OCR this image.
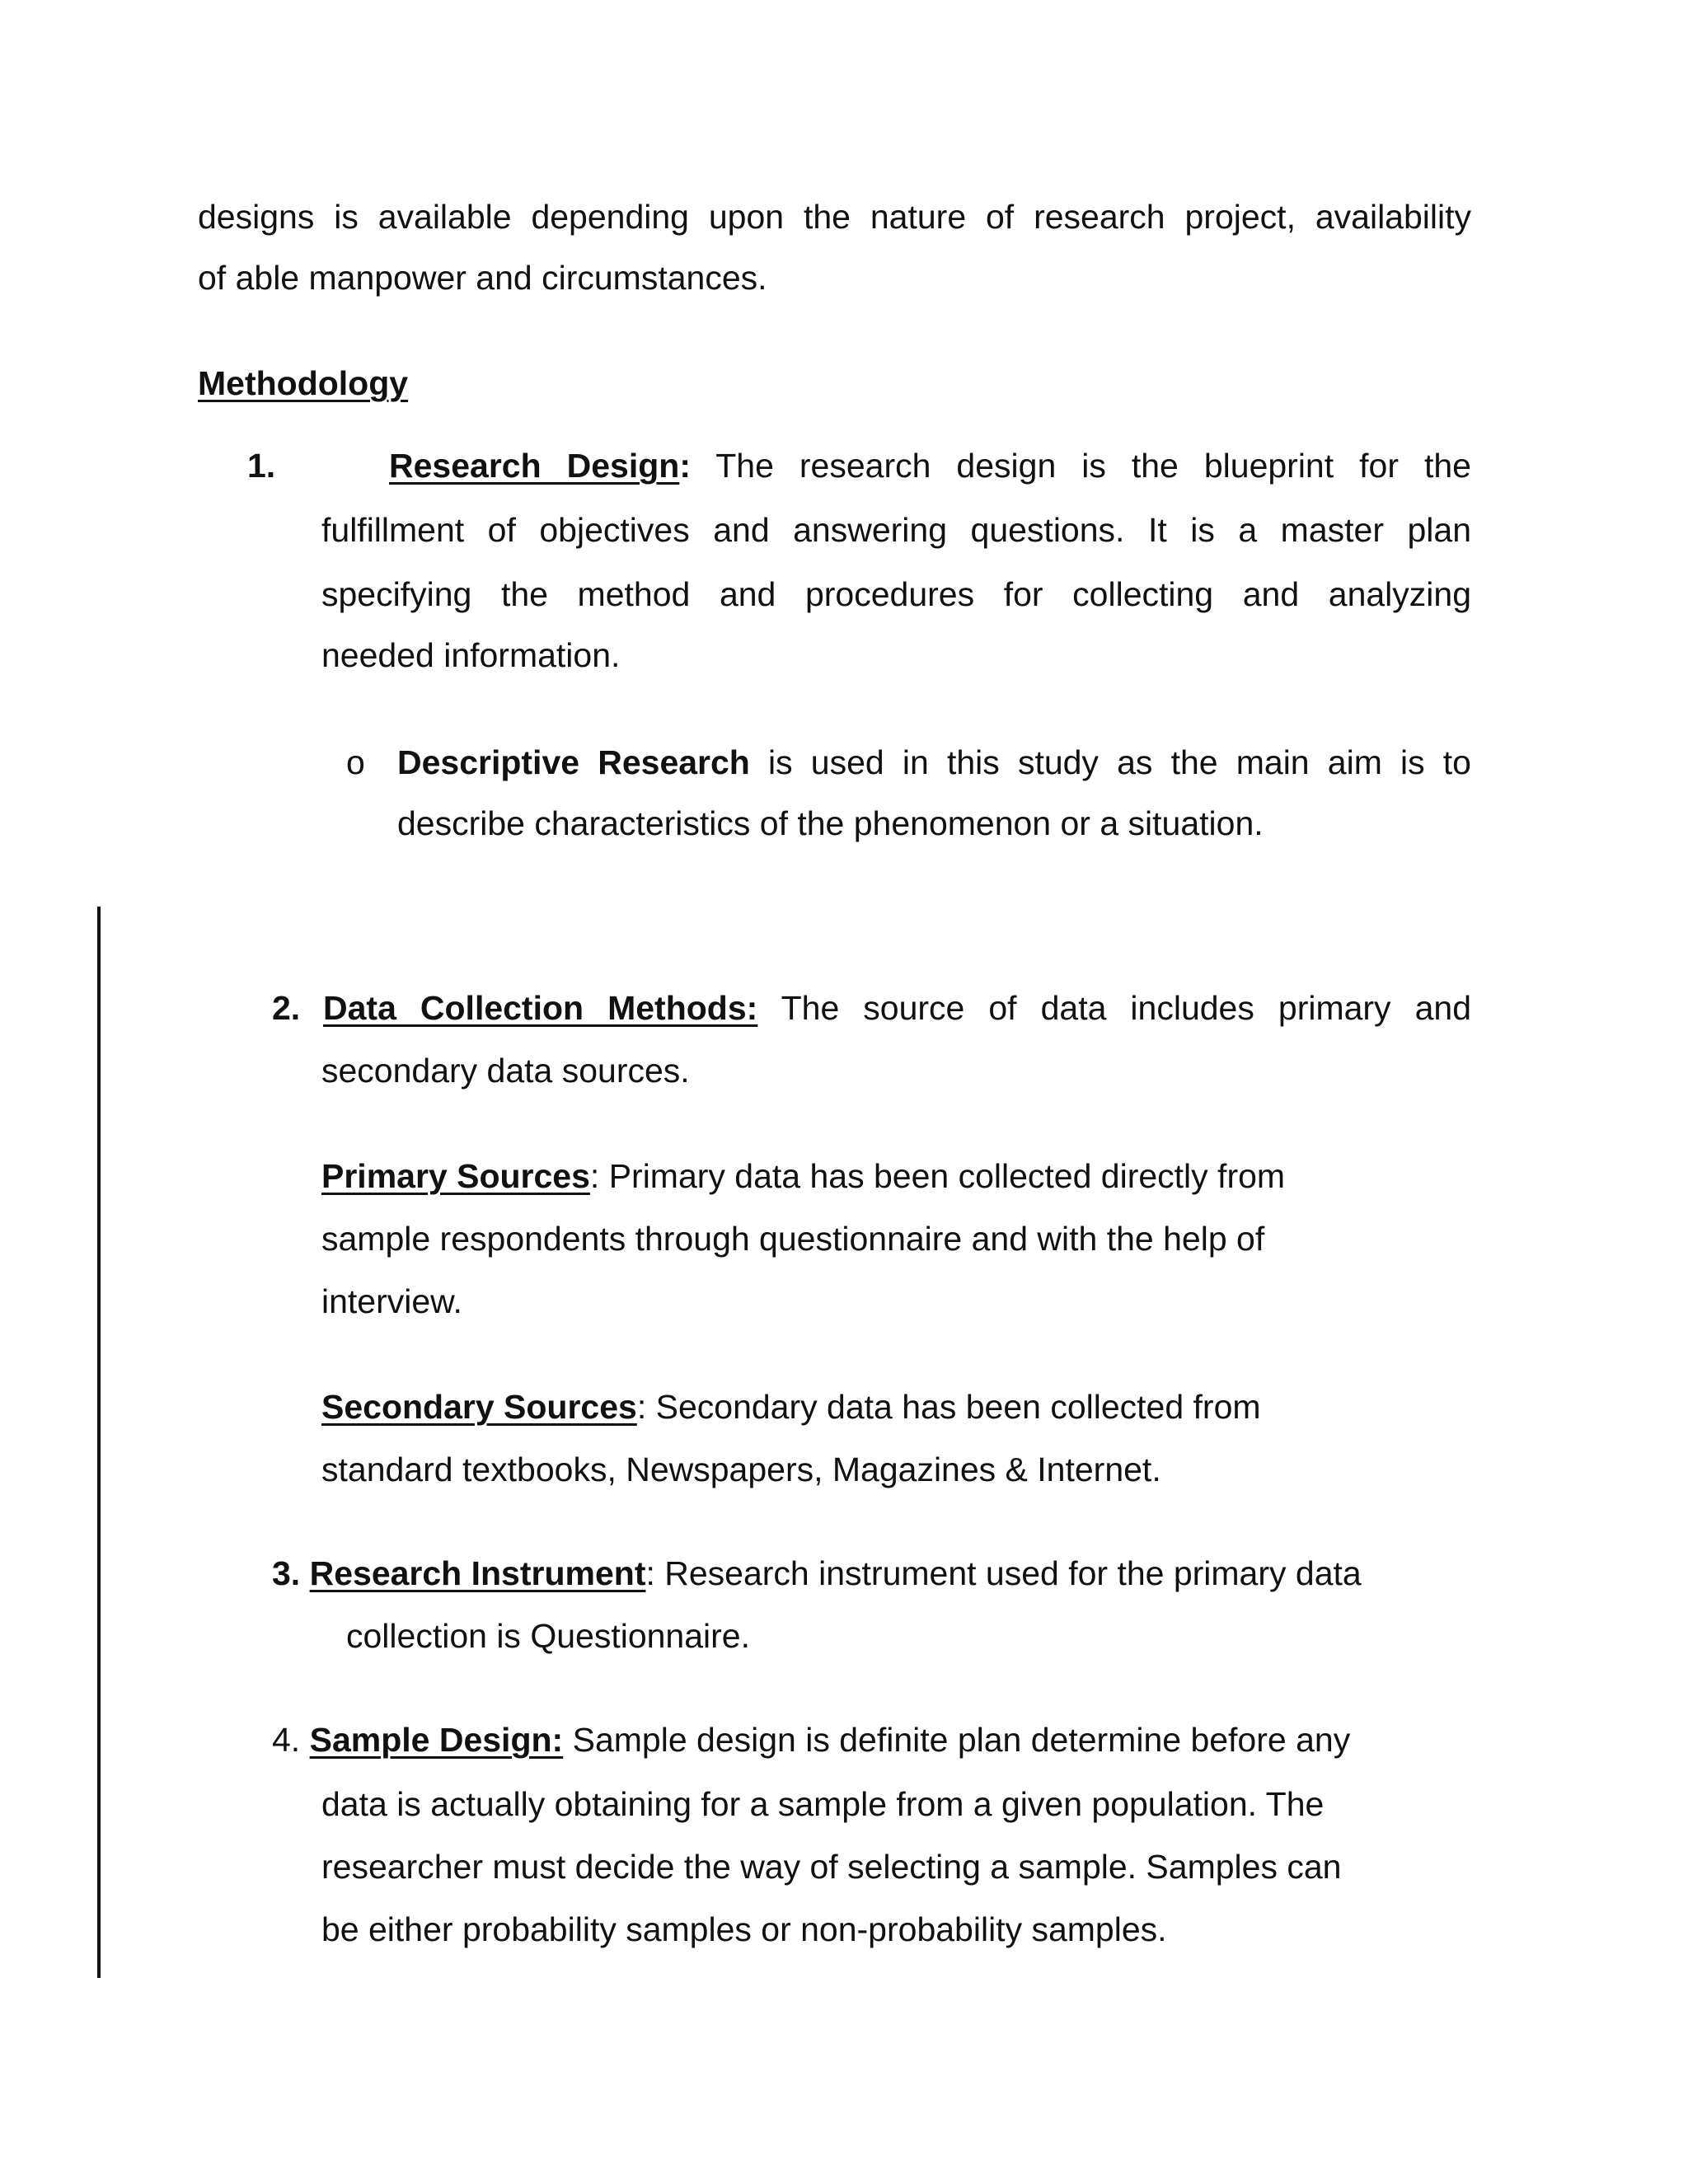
designs is available depending upon the nature of research project, availability

of able manpower and circumstances.

Methodology

1.	Research Design: The research design is the blueprint for the

fulfillment of objectives and answering questions. It is a master plan

specifying the method and procedures for collecting and analyzing

needed information.

o Descriptive Research is used in this study as the main aim is to

describe characteristics of the phenomenon or a situation.

2. Data Collection Methods: The source of data includes primary and

secondary data sources.

Primary Sources: Primary data has been collected directly from

sample respondents through questionnaire and with the help of

interview.

Secondary Sources: Secondary data has been collected from

standard textbooks, Newspapers, Magazines & Internet.

3. Research Instrument: Research instrument used for the primary data

collection is Questionnaire.

4. Sample Design: Sample design is definite plan determine before any

data is actually obtaining for a sample from a given population. The

researcher must decide the way of selecting a sample. Samples can

be either probability samples or non-probability samples.
